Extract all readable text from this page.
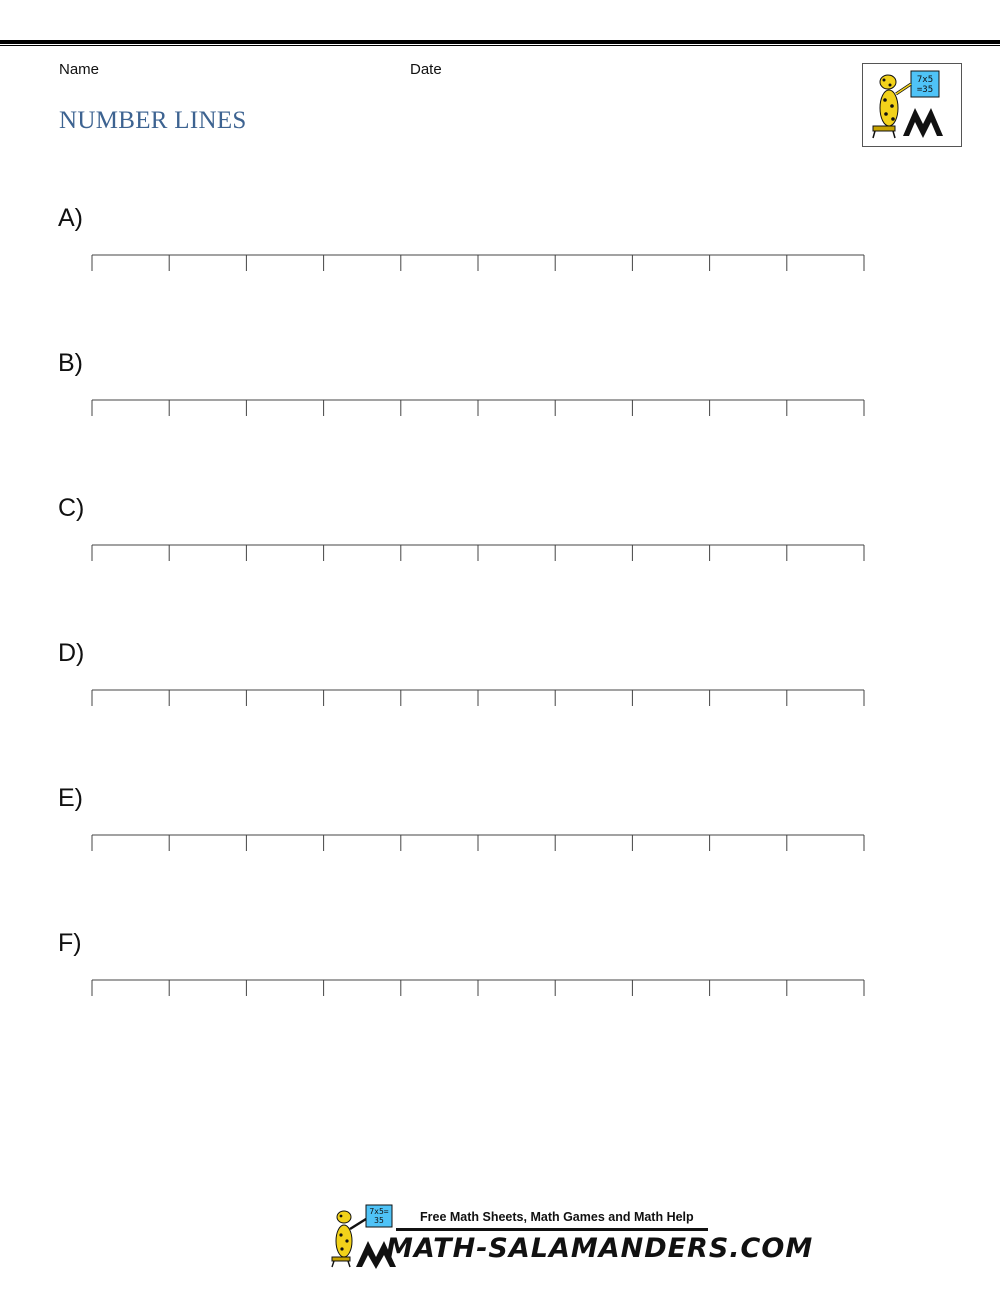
Name	Date
NUMBER LINES
7x5
=35
A)
B)
C)
D)
E)
F)
7x5=
35	Free Math Sheets, Math Games and Math Help
MATH-SALAMANDERS.COM
